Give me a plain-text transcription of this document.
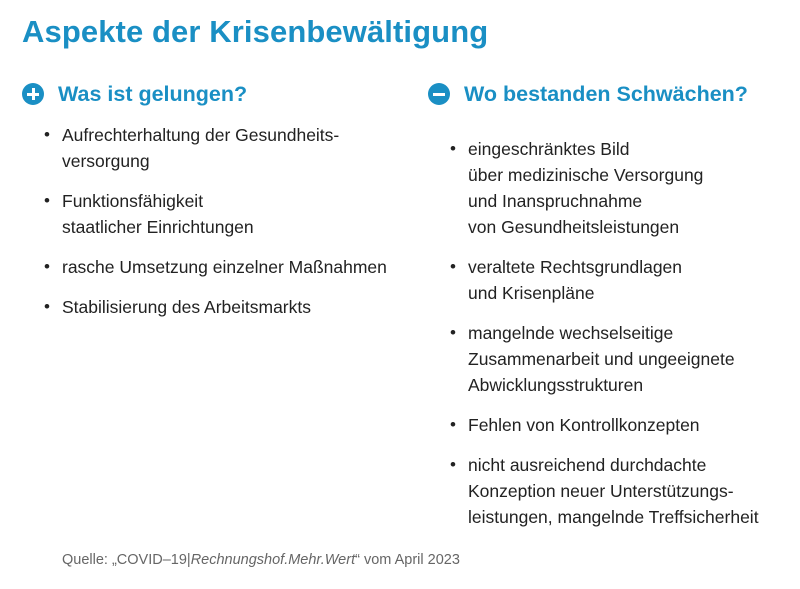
Aspekte der Krisenbewältigung
Was ist gelungen?
• Aufrechterhaltung der Gesundheits-
versorgung
• Funktionsfähigkeit
staatlicher Einrichtungen
• rasche Umsetzung einzelner Maßnahmen
• Stabilisierung des Arbeitsmarkts
Wo bestanden Schwächen?
• eingeschränktes Bild
über medizinische Versorgung
und Inanspruchnahme
von Gesundheitsleistungen
• veraltete Rechtsgrundlagen
und Krisenpläne
• mangelnde wechselseitige
Zusammenarbeit und ungeeignete
Abwicklungsstrukturen
• Fehlen von Kontrollkonzepten
• nicht ausreichend durchdachte
Konzeption neuer Unterstützungs-
leistungen, mangelnde Treffsicherheit
Quelle: „COVID–19|Rechnungshof.Mehr.Wert“ vom April 2023
